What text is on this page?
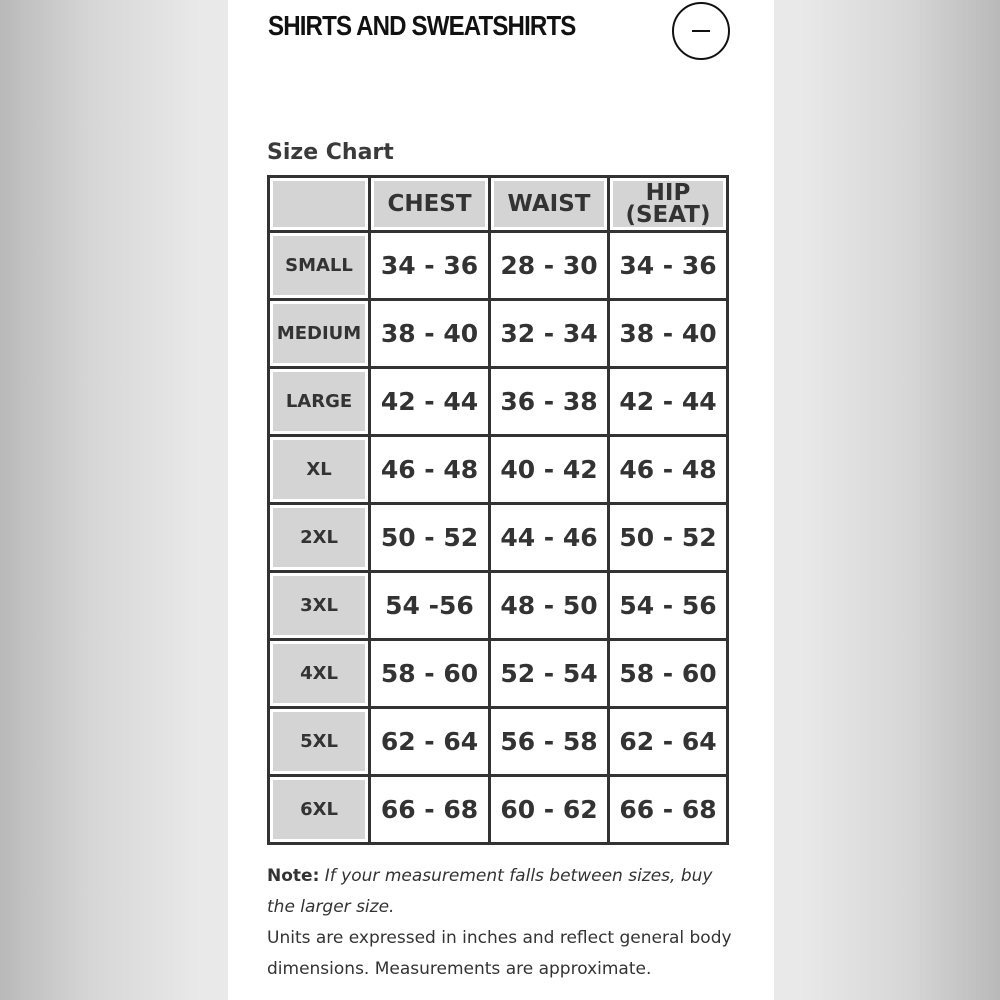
SHIRTS AND SWEATSHIRTS
Size Chart
	CHEST	WAIST	HIP
(SEAT)
SMALL	34 - 36	28 - 30	34 - 36
MEDIUM	38 - 40	32 - 34	38 - 40
LARGE	42 - 44	36 - 38	42 - 44
XL	46 - 48	40 - 42	46 - 48
2XL	50 - 52	44 - 46	50 - 52
3XL	54 -56	48 - 50	54 - 56
4XL	58 - 60	52 - 54	58 - 60
5XL	62 - 64	56 - 58	62 - 64
6XL	66 - 68	60 - 62	66 - 68
Note: If your measurement falls between sizes, buy the larger size.
Units are expressed in inches and reflect general body dimensions. Measurements are approximate.
